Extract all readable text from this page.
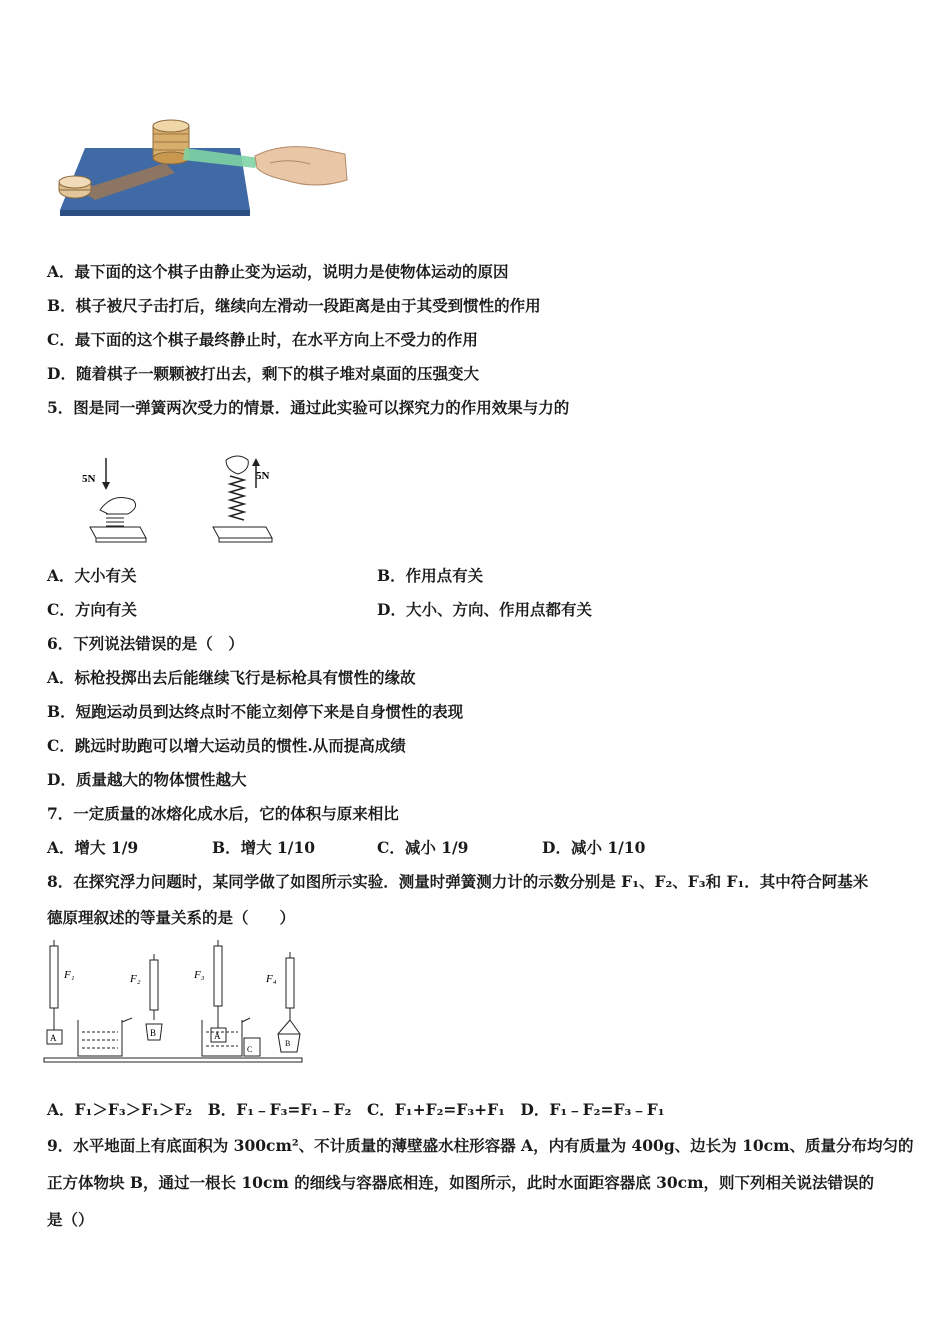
A．最下面的这个棋子由静止变为运动，说明力是使物体运动的原因
B．棋子被尺子击打后，继续向左滑动一段距离是由于其受到惯性的作用
C．最下面的这个棋子最终静止时，在水平方向上不受力的作用
D．随着棋子一颗颗被打出去，剩下的棋子堆对桌面的压强变大
5．图是同一弹簧两次受力的情景．通过此实验可以探究力的作用效果与力的
5N	5N
A．大小有关	B．作用点有关
C．方向有关	D．大小、方向、作用点都有关
6．下列说法错误的是（　）
A．标枪投掷出去后能继续飞行是标枪具有惯性的缘故
B．短跑运动员到达终点时不能立刻停下来是自身惯性的表现
C．跳远时助跑可以增大运动员的惯性.从而提高成绩
D．质量越大的物体惯性越大
7．一定质量的冰熔化成水后，它的体积与原来相比
A．增大 1/9	B．增大 1/10	C．减小 1/9	D．减小 1/10
8．在探究浮力问题时，某同学做了如图所示实验．测量时弹簧测力计的示数分别是 F₁、F₂、F₃和 F₁．其中符合阿基米
德原理叙述的等量关系的是（　　）
A
F₁
B
F₂
A
F₃
C
B
F₄
A．F₁＞F₃＞F₁＞F₂　B．F₁﹣F₃=F₁﹣F₂　C．F₁+F₂=F₃+F₁　D．F₁﹣F₂=F₃﹣F₁
9．水平地面上有底面积为 300cm²、不计质量的薄壁盛水柱形容器 A，内有质量为 400g、边长为 10cm、质量分布均匀的
正方体物块 B，通过一根长 10cm 的细线与容器底相连，如图所示，此时水面距容器底 30cm，则下列相关说法错误的
是（）
